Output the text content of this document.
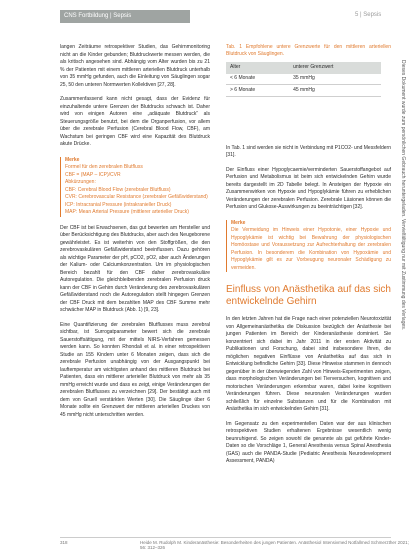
CNS Fortbildung | Sepsis	5 | Sepsis

langen Zeiträume retrospektiver Studien, das Gehirnmonitoring nicht an die Kinder gebunden; Blutdruckwerte messen werden, die als kritisch angesehen sind. Abhängig vom Alter wurden bis zu 21 % der Patienten mit einem mittleren arteriellen Blutdruck unterhalb von 35 mmHg gefunden, auch die Einleitung von Säuglingen sogar 25, 50 den unteren Normwerten Kollektiven [27, 28].

Zusammenfassend kann nicht gesagt, dass der Evidenz für einzuhaltende untere Grenzen der Blutdrucks schwach ist. Daher wird von einigen Autoren eine „adäquate Blutdruck“ als Steuerungsgröße benutzt, bei dem die Organperfusion, vor allem über die zerebrale Perfusion (Cerebral Blood Flow, CBF), am Wachstum bei geringen CBF wird eine Kapazität des Blutdruck akute Drücke.

Merke
Formel für den zerebralen Blutfluss
CBF = (MAP – ICP)/CVR
Abkürzungen:
CBF: Cerebral Blood Flow (zerebraler Blutfluss)
CVR: Cerebrovascular Resistance (zerebraler Gefäßwiderstand)
ICP: Intracranial Pressure (intrakranieller Druck)
MAP: Mean Arterial Pressure (mittlerer arterieller Druck)

Der CBF ist bei Erwachsenen, das gut bewerten am Hersteller und über Berücksichtigung des Blutdrucks, aber auch des Neugeborene gewährleistet. Es ist weiterhin von den Stoffgrößen, die den zerebrovaskulären Gefäßwiderstand beeinflussen. Dazu gehören als wichtige Parameter der pH, pCO2, pO2, aber auch Änderungen der Kalium- oder Calciumkonzentration. Um im physiologischen Bereich bezahlt für den CBF daher zerebrovaskuläre Autoregulation. Die gleichbleibenden zerebralen Perfusion druck kann der CBF in Gehirn durch Veränderung des zerebrovaskulären Gefäßwiderstand noch die Autoregulation stellt hingegen Grenzen der CBF Druck mit dem bezahlten MAP des CBF Summe mehr schwächer MAP in Blutdruck (Abb. 1) [9, 23].

Eine Quantifizierung der zerebralen Blutflusses muss zerebral sichtbar, ist Surrogatparameter bewert sich die zerebrale Sauerstoffsättigung, mit der mittels NIRS-Verfahren gemessen werden kann. So konnten Rhondali et al. in einer retrospektiven Studie an 155 Kindern unter 6 Monaten zeigen, dass sich die zerebrale Perfusion unabhängig von der Ausgangspunkt bei lauftemperatur am wichtigsten anhand des mittleren Blutdruck bei Patienten, dass ein mittlerer arterieller Blutdruck von mehr als 35 mmHg erreicht wurde und dass es zeigt, einige Veränderungen der zerebralen Blutflusses zu verzeichnen [29]. Der bestätigt auch mit dem von Gruell verstärkten Werten [30]. Die Säuglinge über 6 Monate sollte ein Grenzwert der mittleren arteriellen Druckes von 45 mmHg nicht unterschritten werden.

Tab. 1 Empfohlene untere Grenzwerte für den mittleren arteriellen Blutdruck von Säuglingen.
Alter	unterer Grenzwert
< 6 Monate	35 mmHg
> 6 Monate	45 mmHg

In Tab. 1 sind werden sie nicht in Verbindung mit P1CO2- und Messfeldern [31].

Der Einfluss einer Hypoglycaemie/verminderten Sauerstoffangebot auf Perfusion und Metabolismus ist beim sich entwickelnden Gehirn wurde bereits dargestellt im 2D Tabelle belegt. In Ansteigen der Hypoxie ein Zusammenwirken von Hypoxie und Hypoglykämie führen zu erheblichen Veränderungen der zerebralen Perfusion. Zerebrale Läsionen können die Perfusion und Glukose-Auswirkungen zu beeinträchtigen [32].

Merke
Die Vermeidung im Hinweis einer Hypotonie, einer Hypoxie und Hypoglykämie ist wichtig bei Bewahrung der physiologischen Homöostase und Voraussetzung zur Aufrechterhaltung der zerebralen Perfusion. In besonderem die Kombination von Hypoxämie und Hypoglykämie gilt es zur Vorbeugung neuronaler Schädigung zu vermeiden.
Einfluss von Anästhetika auf das sich entwickelnde Gehirn

In den letzten Jahren hat die Frage nach einer potenziellen Neurotoxizität von Allgemeinanästhetika die Diskussion bezüglich der Anästhesie bei jungen Patienten im Bereich der Kinderanästhesie dominiert. Sie konzentriert sich dabei im Jahr 2011 in der ersten Aktivität zu Publikationen und Forschung, dabei sind insbesondere Ihren, die möglichen negativen Einflüsse von Anästhetika auf das sich in Entwicklung befindliche Gehirn [33]. Diese Hinweise stammen in dennoch gegenüber in der überwiegenden Zahl von Hinweis-Experimenten zeigen, dass morphologischen Veränderungen bei Tierversuchen, kognitiven und motorischen Veränderungen erkennbar waren, dabei keine kognitiven Veränderungen führen. Diese neuronalen Veränderungen wurden schließlich für einzelne Substanzen und für die Kombination mit Anästhetika im sich entwickelnden Gehirn [31].

Im Gegensatz zu den experimentellen Daten war der aus klinischen retrospektiven Studien erhaltenen Ergebnisse wesentlich wenig beunruhigend. So zeigen sowohl die genannte als gut geführte Kinder-Daten so die Vorschläge 1, General Anesthesia versus Spinal Anesthesia (GAS) auch die PANDA-Studie (Pediatric Anesthesia Neurodevelopment Assessment, PANDA)

Dieses Dokument wurde zum persönlichen Gebrauch heruntergeladen. Vervielfältigung nur mit Zustimmung des Verlages.
318	Heide M. Rudolph M. Kinderanästhesie: Besonderheiten des jungen Patienten. Anästhesiol Intensivmed Notfallmed Schmerzther 2021; 56: 312–326
